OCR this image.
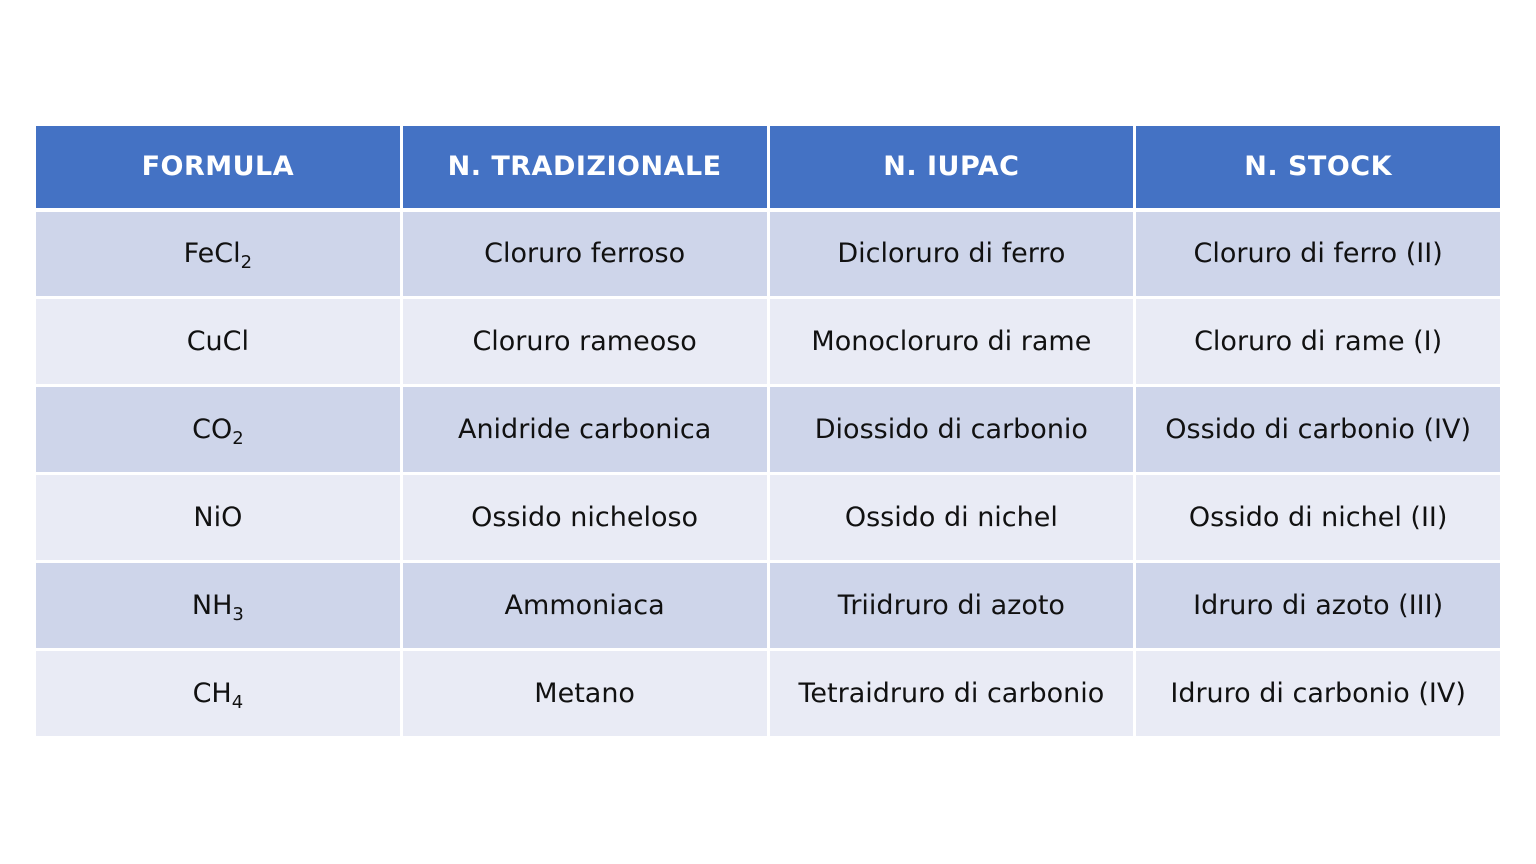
FORMULA	N. TRADIZIONALE	N. IUPAC	N. STOCK
FeCl$_2$	Cloruro ferroso	Dicloruro di ferro	Cloruro di ferro (II)
CuCl	Cloruro rameoso	Monocloruro di rame	Cloruro di rame (I)
$CO_2$	Anidride carbonica	Diossido di carbonio	Ossido di carbonio (IV)
NiO	Ossido nicheloso	Ossido di nichel	Ossido di nichel (II)
$NH_3$	Ammoniaca	Triidruro di azoto	Idruro di azoto (III)
$CH_4$	Metano	Tetraidruro di carbonio	Idruro di carbonio (IV)
